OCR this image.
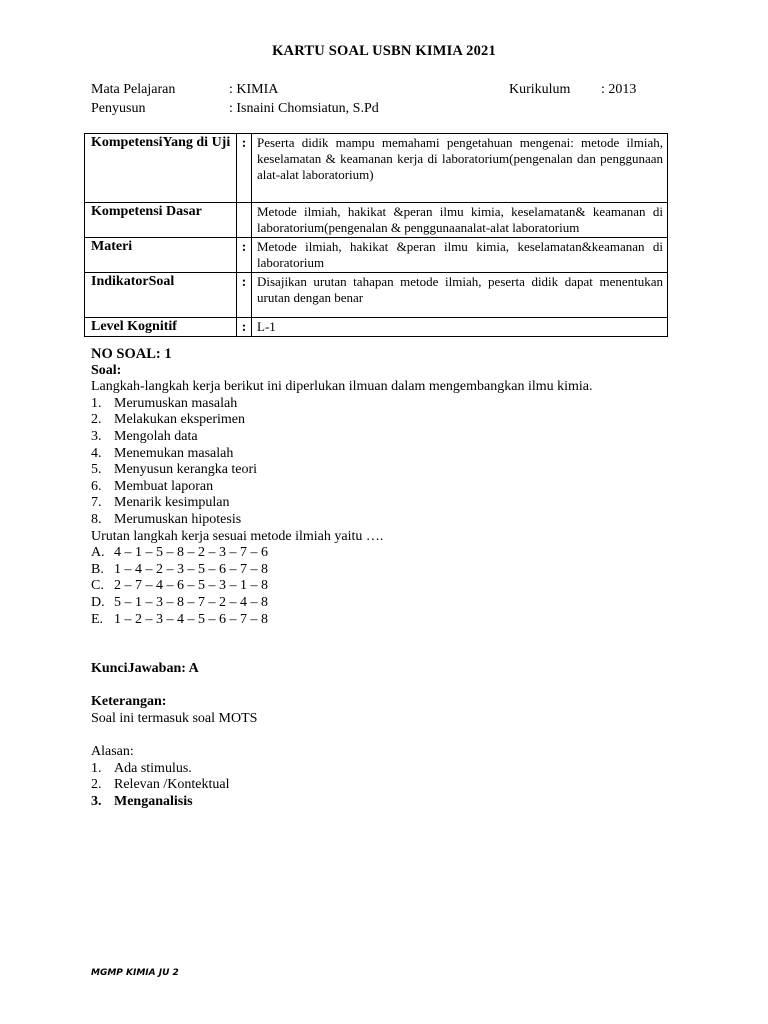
KARTU SOAL USBN KIMIA 2021
Mata Pelajaran	: KIMIA	Kurikulum : 2013
Penyusun	: Isnaini Chomsiatun, S.Pd
KompetensiYang di Uji	:	Peserta didik mampu memahami pengetahuan mengenai: metode ilmiah, keselamatan & keamanan kerja di laboratorium(pengenalan dan penggunaan alat-alat laboratorium)
Kompetensi Dasar		Metode ilmiah, hakikat &peran ilmu kimia, keselamatan& keamanan di laboratorium(pengenalan & penggunaanalat-alat laboratorium
Materi	:	Metode ilmiah, hakikat &peran ilmu kimia, keselamatan&keamanan di laboratorium
IndikatorSoal	:	Disajikan urutan tahapan metode ilmiah, peserta didik dapat menentukan urutan dengan benar
Level Kognitif	:	L-1
NO SOAL: 1
Soal:
Langkah-langkah kerja berikut ini diperlukan ilmuan dalam mengembangkan ilmu kimia.
1. Merumuskan masalah
2. Melakukan eksperimen
3. Mengolah data
4. Menemukan masalah
5. Menyusun kerangka teori
6. Membuat laporan
7. Menarik kesimpulan
8. Merumuskan hipotesis
Urutan langkah kerja sesuai metode ilmiah yaitu ….
A. 4 – 1 – 5 – 8 – 2 – 3 – 7 – 6
B. 1 – 4 – 2 – 3 – 5 – 6 – 7 – 8
C. 2 – 7 – 4 – 6 – 5 – 3 – 1 – 8
D. 5 – 1 – 3 – 8 – 7 – 2 – 4 – 8
E. 1 – 2 – 3 – 4 – 5 – 6 – 7 – 8
KunciJawaban: A
Keterangan:
Soal ini termasuk soal MOTS
Alasan:
1. Ada stimulus.
2. Relevan /Kontektual
3. Menganalisis
MGMP KIMIA JU 2
